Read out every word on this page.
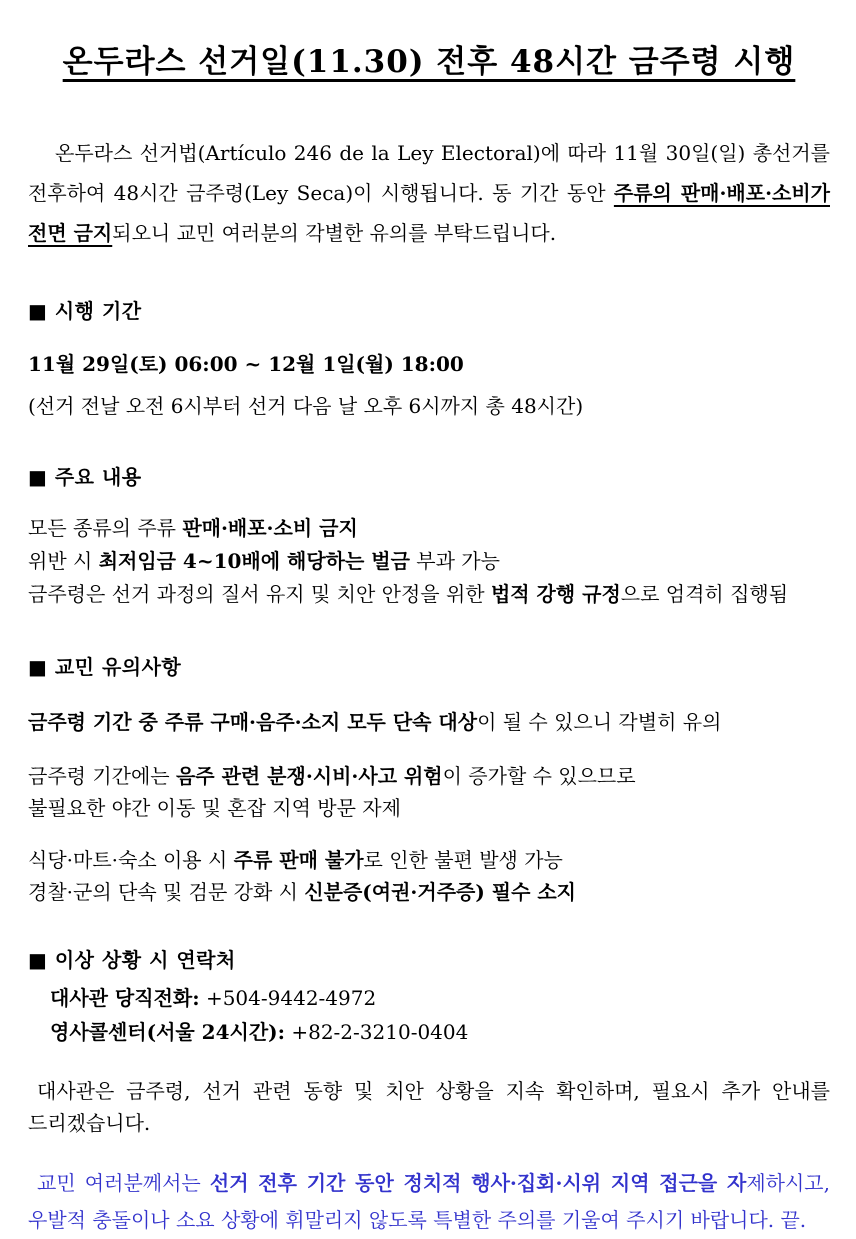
온두라스 선거일(11.30) 전후 48시간 금주령 시행

온두라스 선거법(Artículo 246 de la Ley Electoral)에 따라 11월 30일(일) 총선거를 전후하여 48시간 금주령(Ley Seca)이 시행됩니다. 동 기간 동안 주류의 판매·배포·소비가 전면 금지되오니 교민 여러분의 각별한 유의를 부탁드립니다.

■ 시행 기간

11월 29일(토) 06:00 ~ 12월 1일(월) 18:00

(선거 전날 오전 6시부터 선거 다음 날 오후 6시까지 총 48시간)

■ 주요 내용

모든 종류의 주류 판매·배포·소비 금지

위반 시 최저임금 4~10배에 해당하는 벌금 부과 가능

금주령은 선거 과정의 질서 유지 및 치안 안정을 위한 법적 강행 규정으로 엄격히 집행됨

■ 교민 유의사항

금주령 기간 중 주류 구매·음주·소지 모두 단속 대상이 될 수 있으니 각별히 유의

금주령 기간에는 음주 관련 분쟁·시비·사고 위험이 증가할 수 있으므로
불필요한 야간 이동 및 혼잡 지역 방문 자제

식당·마트·숙소 이용 시 주류 판매 불가로 인한 불편 발생 가능
경찰·군의 단속 및 검문 강화 시 신분증(여권·거주증) 필수 소지

■ 이상 상황 시 연락처

대사관 당직전화: +504-9442-4972

영사콜센터(서울 24시간): +82-2-3210-0404

대사관은 금주령, 선거 관련 동향 및 치안 상황을 지속 확인하며, 필요시 추가 안내를 드리겠습니다.

교민 여러분께서는 선거 전후 기간 동안 정치적 행사·집회·시위 지역 접근을 자제하시고, 우발적 충돌이나 소요 상황에 휘말리지 않도록 특별한 주의를 기울여 주시기 바랍니다. 끝.
